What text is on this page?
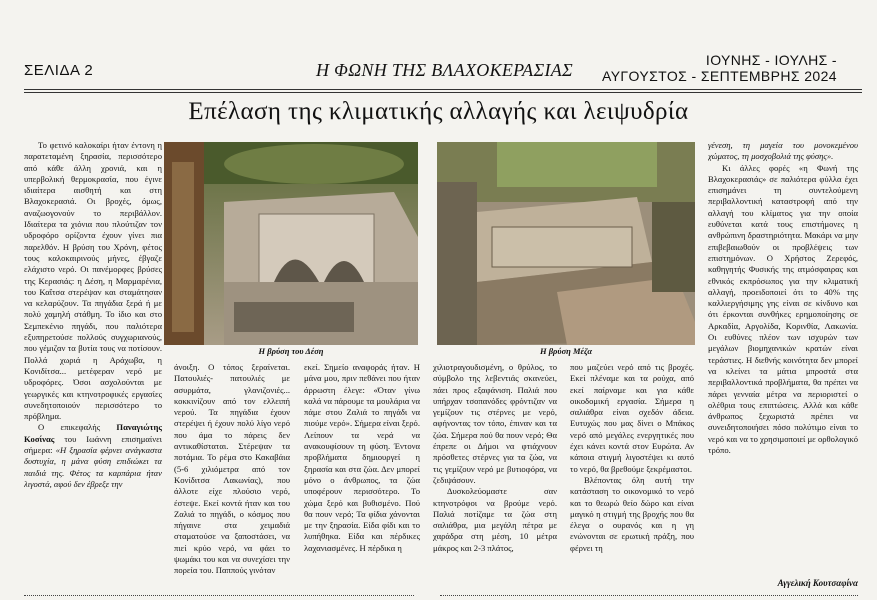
ΣΕΛΙΔΑ 2	Η ΦΩΝΗ ΤΗΣ ΒΛΑΧΟΚΕΡΑΣΙΑΣ	ΙΟΥΝΗΣ - ΙΟΥΛΗΣ -
ΑΥΓΟΥΣΤΟΣ - ΣΕΠΤΕΜΒΡΗΣ 2024
Επέλαση της κλιματικής αλλαγής και λειψυδρία

Το φετινό καλοκαίρι ήταν έντονη η παρατεταμένη ξηρασία, περισσότερο από κάθε άλλη χρονιά, και η υπερβολική θερμοκρασία, που έγινε ιδιαίτερα αισθητή και στη Βλαχοκερασιά. Οι βροχές, όμως, αναζωογονούν το περιβάλλον. Ιδιαίτερα τα χιόνια που πλούτιζαν τον υδροφόρο ορίζοντα έχουν γίνει πια παρελθόν. Η βρύση του Χρόνη, φέτος τους καλοκαιρινούς μήνες, έβγαζε ελάχιστο νερό. Οι πανέμορφες βρύσες της Κερασιάς: η Δέση, η Μαρμαρένια, του Καΐτσα στερέψαν και σταμάτησαν να κελαρύζουν. Τα πηγάδια ξερά ή με πολύ χαμηλή στάθμη. Το ίδιο και στο Σεμπεκένιο πηγάδι, που παλιότερα εξυπηρετούσε πολλούς συγχωριανούς, που γέμιζαν τα βυτία τους να ποτίσουν. Πολλά χωριά η Αράχωβα, η Κονιδίτσα... μετέφεραν νερό με υδροφόρες. Όσοι ασχολούνται με γεωργικές και κτηνοτροφικές εργασίες συνεδητοποιούν περισσότερο το πρόβλημα.

Ο επικεφαλής Παναγιώτης Κοσίνας του Ιωάννη επισημαίνει σήμερα: «Η ξηρασία φέρνει ανάγκαστα δυστυχία, η μάνα φύση επιδιώκει τα παιδιά της. Φέτος τα καρπάρια ήταν λιγοστά, αφού δεν έβρεξε την

Η βρύση του Δέση	Η βρύση Μέζα

άνοιξη. Ο τόπος ξεραίνεται. Πατουλιές- πατουλιές με ασυρμάτα, γλανιζονιές... κοκκινίζουν από τον ελλειπή νερού. Τα πηγάδια έχουν στερέψει ή έχουν πολύ λίγο νερό που άμα το πάρεις δεν αντικαθίσταται. Στέρεψαν τα ποτάμια. Το ρέμα στο Κακαβάια (5-6 χιλιόμετρα από τον Κονίδιτσα Λακωνίας), που άλλοτε είχε πλούσιο νερό, έστεψε. Εκεί κοντά ήταν και του Ζαλιά το πηγάδι, ο κόσμος που πήγαινε στα χειμαδιά σταματούσε να ξαποστάσει, να πιεί κρύο νερό, να φάει το ψωμάκι του και να συνεχίσει την πορεία του. Παππούς γινόταν

εκεί. Σημείο αναφοράς ήταν. Η μάνα μου, πριν πεθάνει που ήταν άρρωστη έλεγε: «Όταν γίνω καλά να πάρουμε τα μουλάρια να πάμε στου Ζαλιά το πηγάδι να πιούμε νερό». Σήμερα είναι ξερό. Λείπουν τα νερά να ανακουφίσουν τη φύση. Έντονα προβλήματα δημιουργεί η ξηρασία και στα ζώα. Δεν μπορεί μόνο ο άνθρωπος, τα ζώα υποφέρουν περισσότερο. Το χώμα ξερό και βυθισμένο. Πού θα πουν νερό; Τα φίδια χάνονται με την ξηρασία. Είδα φίδι και το λυπήθηκα. Είδα και πέρδικες λαχανιασμένες. Η πέρδικα η

χιλιοτραγουδισμένη, ο θρύλος, το σύμβολο της λεβεντιάς σκανεύει, πάει προς εξαφάνιση. Παλιά που υπήρχαν τσοπανόδες φρόντιζαν να γεμίζουν τις στέρνες με νερό, αφήνοντας τον τόπο, έπιναν και τα ζώα. Σήμερα πού θα πουν νερό; Θα έπρεπε οι Δήμοι να φτιάχνουν πρόσθετες στέρνες για τα ζώα, να τις γεμίζουν νερό με βυτιοφόρα, να ζεδιψάσουν.

Δυσκολεύομαστε σαν κτηνοτρόφοι να βρούμε νερό. Παλιά ποτίζαμε τα ζώα στη σαλιάθρα, μια μεγάλη πέτρα με χαράδρα στη μέση, 10 μέτρα μάκρος και 2-3 πλάτος,

που μαζεύει νερό από τις βροχές. Εκεί πλέναμε και τα ρούχα, από εκεί παίρναμε και για κάθε οικοδομική εργασία. Σήμερα η σαλιάθρα είναι σχεδόν άδεια. Ευτυχώς που μας δίνει ο Μπάκος νερό από μεγάλες ενεργητικές που έχει κάνει κοντά στον Ευρώτα. Αν κάποια στιγμή λιγοστέψει κι αυτό το νερό, θα βρεθούμε ξεκρέμαστοι.

Βλέποντας όλη αυτή την κατάσταση το οικονομικό το νερό και το θεωρώ θείο δώρο και είναι μαγικό η στιγμή της βροχής που θα έλεγα ο ουρανός και η γη ενώνονται σε ερωτική πράξη, που φέρνει τη

γένεση, τη μαγεία του μονοκεμένου χώματος, τη μοσχοβολιά της φύσης».

Κι άλλες φορές «η Φωνή της Βλαχοκερασιάς» σε παλιότερα φύλλα έχει επισημάνει τη συντελούμενη περιβαλλοντική καταστροφή από την αλλαγή του κλίματος για την οποία ευθύνεται κατά τους επιστήμονες η ανθρώπινη δραστηριότητα. Μακάρι να μην επιβεβαιωθούν οι προβλέψεις των επιστημόνων. Ο Χρήστος Ζερεφός, καθηγητής Φυσικής της ατμόσφαιρας και εθνικός εκπρόσωπος για την κλιματική αλλαγή, προειδοποιεί ότι το 40% της καλλιεργήσιμης γης είναι σε κίνδυνο και ότι έρκονται συνθήκες ερημοποίησης σε Αρκαδία, Αργολίδα, Κορινθία, Λακωνία. Οι ευθύνες πλέον των ισχυρών των μεγάλων βιομηχανικών κρατών είναι τεράστιες. Η διεθνής κοινότητα δεν μπορεί να κλείνει τα μάτια μπροστά στα περιβαλλοντικά προβλήματα, θα πρέπει να πάρει γενναία μέτρα να περιοριστεί ο ολέθρια τους επιπτώσεις. Αλλά και κάθε άνθρωπος ξεχωριστά πρέπει να συνειδητοποιήσει πόσο πολύτιμο είναι το νερό και να το χρησιμοποιεί με ορθολογικό τρόπο.

Αγγελική Κουτσαφίνα
